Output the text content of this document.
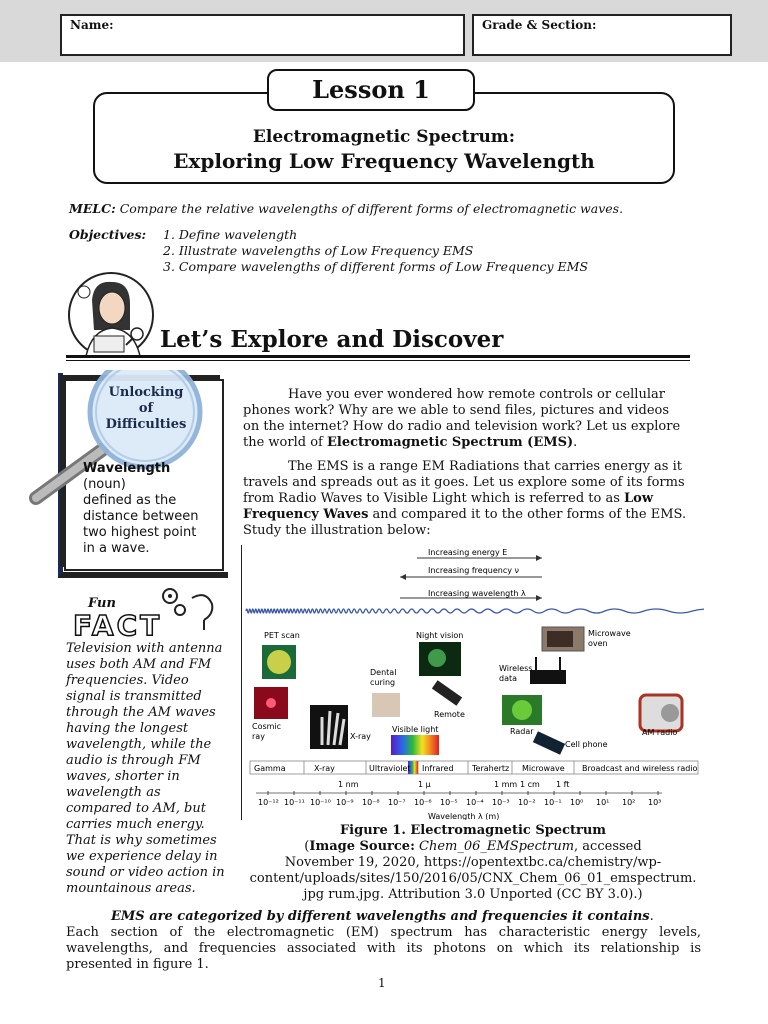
Name:	Grade & Section:
Lesson 1
Electromagnetic Spectrum:
Exploring Low Frequency Wavelength
MELC: Compare the relative wavelengths of different forms of electromagnetic waves.
Objectives: 1. Define wavelength
2. Illustrate wavelengths of Low Frequency EMS
3. Compare wavelengths of different forms of Low Frequency EMS
Let’s Explore and Discover
Unlocking
of
Difficulties
Wavelength
(noun)
defined as the
distance between
two highest point
in a wave.
Fun
FACT
Television with antenna
uses both AM and FM
frequencies. Video
signal is transmitted
through the AM waves
having the longest
wavelength, while the
audio is through FM
waves, shorter in
wavelength as
compared to AM, but
carries much energy.
That is why sometimes
we experience delay in
sound or video action in
mountainous areas.
Have you ever wondered how remote controls or cellular
phones work? Why are we able to send files, pictures and videos
on the internet? How do radio and television work? Let us explore
the world of Electromagnetic Spectrum (EMS).
The EMS is a range EM Radiations that carries energy as it
travels and spreads out as it goes. Let us explore some of its forms
from Radio Waves to Visible Light which is referred to as Low
Frequency Waves and compared it to the other forms of the EMS.
Study the illustration below:
Increasing energy E
Increasing frequency ν
Increasing wavelength λ
PET scan	Night vision	Microwave
oven
Dental
curing
Wireless
data
Remote
Cosmic
ray	X-ray
Visible light	Radar
Cell phone
AM radio
Gamma	X-ray	Ultraviolet Infrared Terahertz Microwave Broadcast and wireless radio
1 nm	1 μ	1 mm 1 cm 1 ft
10⁻¹² 10⁻¹¹ 10⁻¹⁰ 10⁻⁹ 10⁻⁸ 10⁻⁷ 10⁻⁶ 10⁻⁵ 10⁻⁴ 10⁻³ 10⁻² 10⁻¹ 10⁰ 10¹ 10² 10³
Wavelength λ (m)
Figure 1. Electromagnetic Spectrum
(Image Source: Chem_06_EMSpectrum, accessed
November 19, 2020, https://opentextbc.ca/chemistry/wp-
content/uploads/sites/150/2016/05/CNX_Chem_06_01_emspectrum.
jpg rum.jpg. Attribution 3.0 Unported (CC BY 3.0).)
EMS are categorized by different wavelengths and frequencies it contains.
Each section of the electromagnetic (EM) spectrum has characteristic energy levels,
wavelengths, and frequencies associated with its photons on which its relationship is
presented in figure 1.
1
